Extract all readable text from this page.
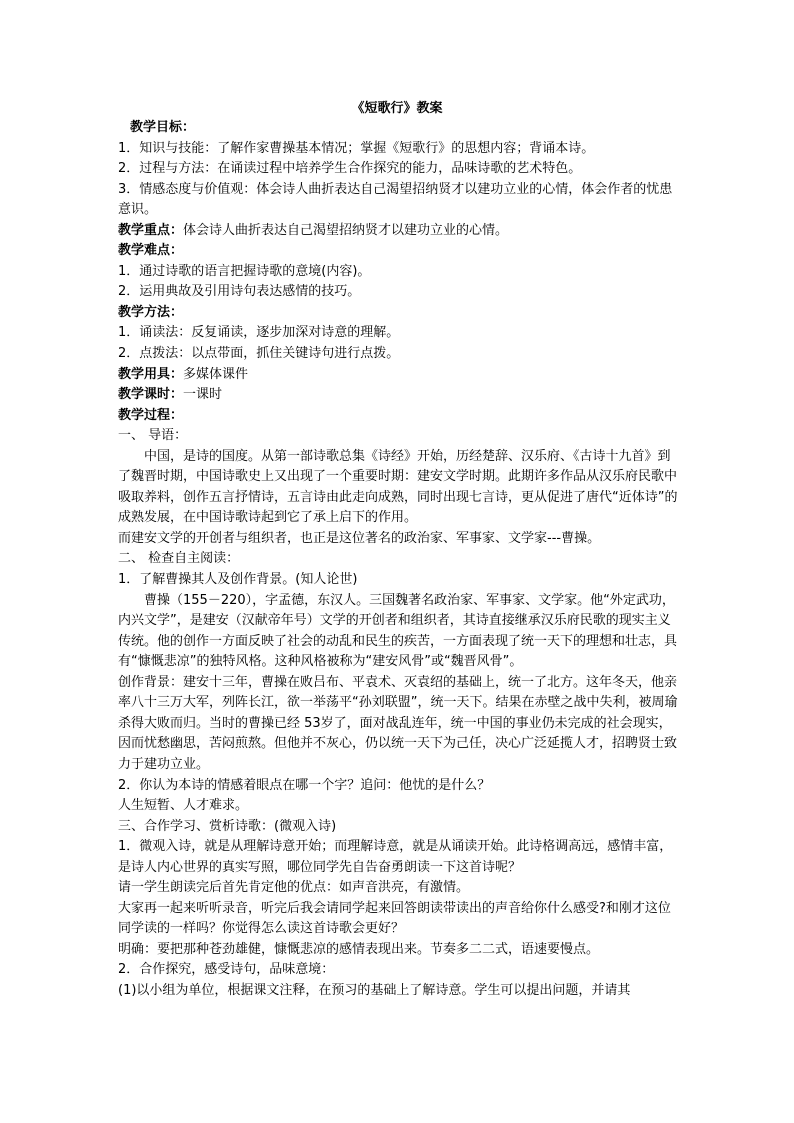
《短歌行》教案

教学目标：

1．知识与技能：了解作家曹操基本情况；掌握《短歌行》的思想内容；背诵本诗。

2．过程与方法：在诵读过程中培养学生合作探究的能力，品味诗歌的艺术特色。

3．情感态度与价值观：体会诗人曲折表达自己渴望招纳贤才以建功立业的心情，体会作者的忧患意识。

教学重点：体会诗人曲折表达自己渴望招纳贤才以建功立业的心情。

教学难点：

1．通过诗歌的语言把握诗歌的意境(内容)。

2．运用典故及引用诗句表达感情的技巧。

教学方法：

1．诵读法：反复诵读，逐步加深对诗意的理解。

2．点拨法：以点带面，抓住关键诗句进行点拨。

教学用具：多媒体课件

教学课时：一课时

教学过程：

一、 导语：

中国，是诗的国度。从第一部诗歌总集《诗经》开始，历经楚辞、汉乐府、《古诗十九首》到了魏晋时期，中国诗歌史上又出现了一个重要时期：建安文学时期。此期许多作品从汉乐府民歌中吸取养料，创作五言抒情诗，五言诗由此走向成熟，同时出现七言诗，更从促进了唐代“近体诗”的成熟发展，在中国诗歌诗起到它了承上启下的作用。

而建安文学的开创者与组织者，也正是这位著名的政治家、军事家、文学家---曹操。

二、 检查自主阅读：

1．了解曹操其人及创作背景。(知人论世)

曹操（155－220），字孟德，东汉人。三国魏著名政治家、军事家、文学家。他“外定武功，内兴文学”，是建安（汉献帝年号）文学的开创者和组织者，其诗直接继承汉乐府民歌的现实主义传统。他的创作一方面反映了社会的动乱和民生的疾苦，一方面表现了统一天下的理想和壮志，具有“慷慨悲凉”的独特风格。这种风格被称为“建安风骨”或“魏晋风骨”。

创作背景：建安十三年，曹操在败吕布、平袁术、灭袁绍的基础上，统一了北方。这年冬天，他亲率八十三万大军，列阵长江，欲一举荡平“孙刘联盟”，统一天下。结果在赤壁之战中失利，被周瑜杀得大败而归。当时的曹操已经 53岁了，面对战乱连年，统一中国的事业仍未完成的社会现实，因而忧愁幽思，苦闷煎熬。但他并不灰心，仍以统一天下为己任，决心广泛延揽人才，招聘贤士致力于建功立业。

2．你认为本诗的情感着眼点在哪一个字？追问：他忧的是什么？

人生短暂、人才难求。

三、合作学习、赏析诗歌：(微观入诗)

1．微观入诗，就是从理解诗意开始；而理解诗意，就是从诵读开始。此诗格调高远，感情丰富，是诗人内心世界的真实写照，哪位同学先自告奋勇朗读一下这首诗呢？

请一学生朗读完后首先肯定他的优点：如声音洪亮，有激情。

大家再一起来听听录音，听完后我会请同学起来回答朗读带读出的声音给你什么感受?和刚才这位同学读的一样吗？你觉得怎么读这首诗歌会更好？

明确：要把那种苍劲雄健，慷慨悲凉的感情表现出来。节奏多二二式，语速要慢点。

2．合作探究，感受诗句，品味意境：

(1)以小组为单位，根据课文注释，在预习的基础上了解诗意。学生可以提出问题，并请其
